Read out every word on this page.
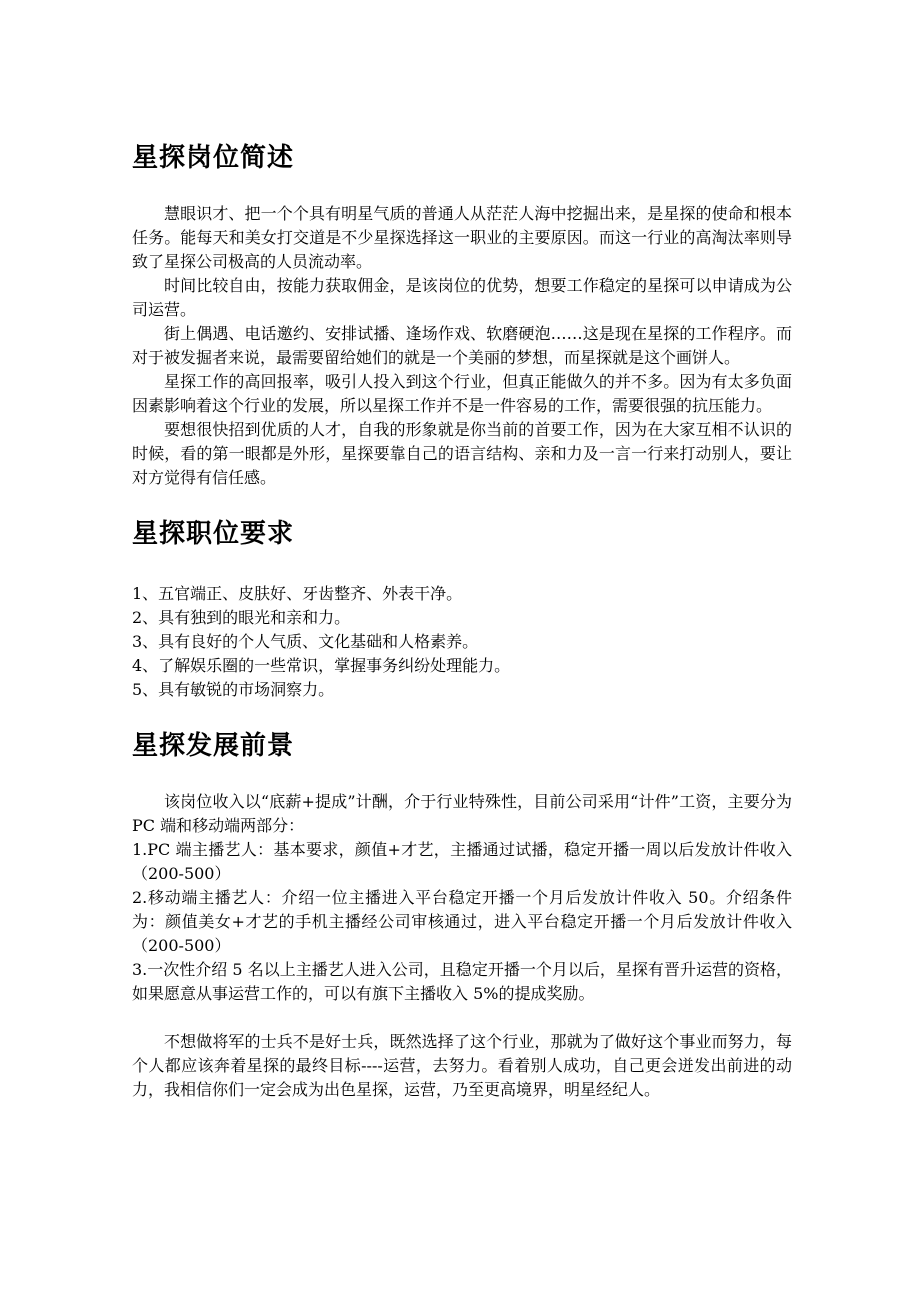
星探岗位简述

慧眼识才、把一个个具有明星气质的普通人从茫茫人海中挖掘出来，是星探的使命和根本任务。能每天和美女打交道是不少星探选择这一职业的主要原因。而这一行业的高淘汰率则导致了星探公司极高的人员流动率。

时间比较自由，按能力获取佣金，是该岗位的优势，想要工作稳定的星探可以申请成为公司运营。

街上偶遇、电话邀约、安排试播、逢场作戏、软磨硬泡……这是现在星探的工作程序。而对于被发掘者来说，最需要留给她们的就是一个美丽的梦想，而星探就是这个画饼人。

星探工作的高回报率，吸引人投入到这个行业，但真正能做久的并不多。因为有太多负面因素影响着这个行业的发展，所以星探工作并不是一件容易的工作，需要很强的抗压能力。

要想很快招到优质的人才，自我的形象就是你当前的首要工作，因为在大家互相不认识的时候，看的第一眼都是外形，星探要靠自己的语言结构、亲和力及一言一行来打动别人，要让对方觉得有信任感。

星探职位要求

1、五官端正、皮肤好、牙齿整齐、外表干净。

2、具有独到的眼光和亲和力。

3、具有良好的个人气质、文化基础和人格素养。

4、了解娱乐圈的一些常识，掌握事务纠纷处理能力。

5、具有敏锐的市场洞察力。

星探发展前景

该岗位收入以“底薪+提成”计酬，介于行业特殊性，目前公司采用“计件”工资，主要分为 PC 端和移动端两部分：

1.PC 端主播艺人：基本要求，颜值+才艺，主播通过试播，稳定开播一周以后发放计件收入（200-500）

2.移动端主播艺人：介绍一位主播进入平台稳定开播一个月后发放计件收入 50。介绍条件为：颜值美女+才艺的手机主播经公司审核通过，进入平台稳定开播一个月后发放计件收入（200-500）

3.一次性介绍 5 名以上主播艺人进入公司，且稳定开播一个月以后，星探有晋升运营的资格，如果愿意从事运营工作的，可以有旗下主播收入 5%的提成奖励。

不想做将军的士兵不是好士兵，既然选择了这个行业，那就为了做好这个事业而努力，每个人都应该奔着星探的最终目标----运营，去努力。看着别人成功，自己更会迸发出前进的动力，我相信你们一定会成为出色星探，运营，乃至更高境界，明星经纪人。
